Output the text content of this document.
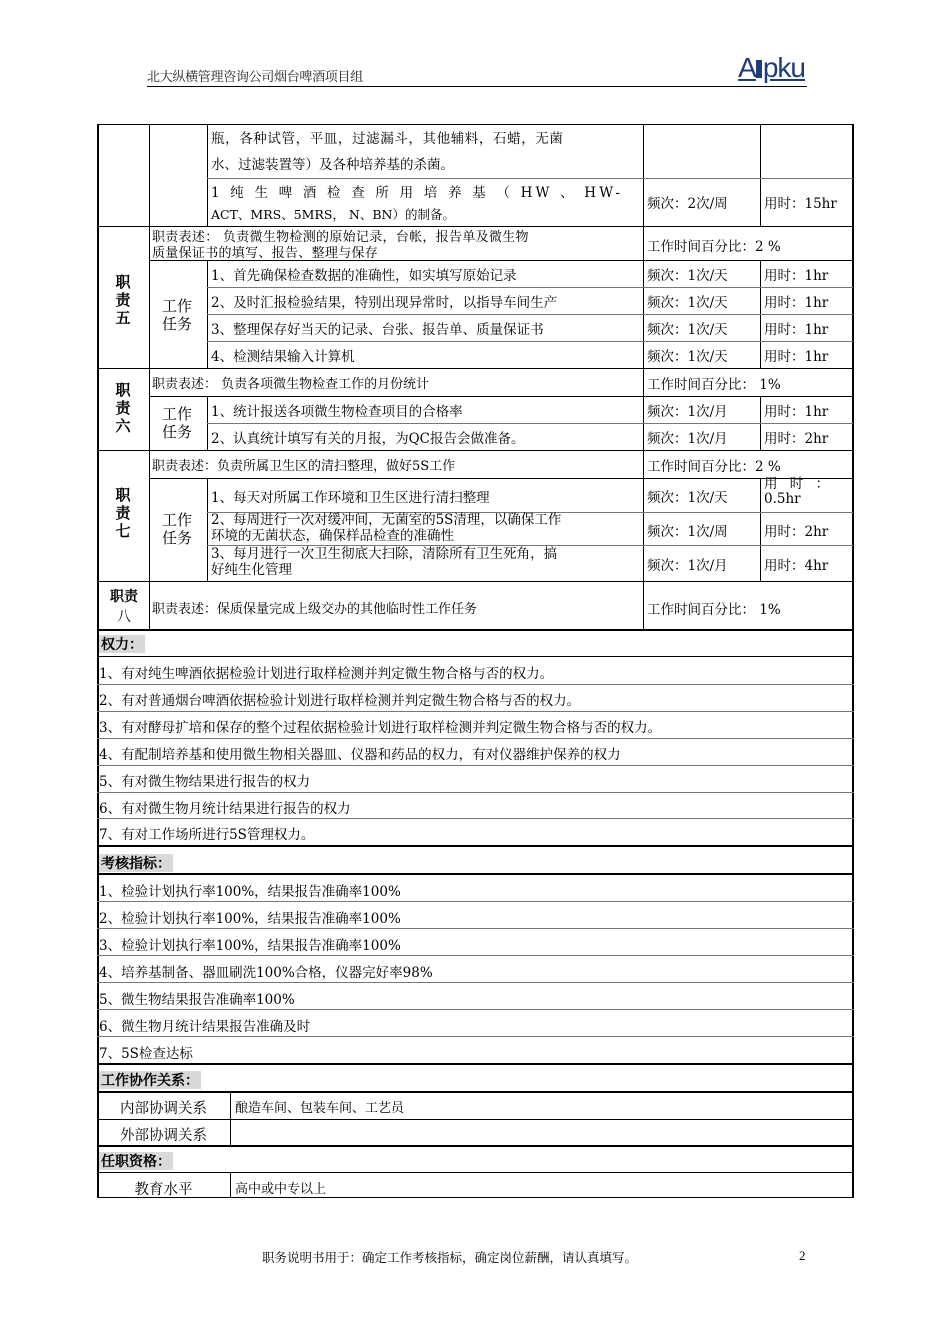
北大纵横管理咨询公司烟台啤酒项目组	A pku
瓶，各种试管，平皿，过滤漏斗，其他辅料，石蜡，无菌
水、过滤装置等）及各种培养基的杀菌。
1 纯 生 啤 酒 检 查 所 用 培 养 基 （ HW 、 HW-
ACT、MRS、5MRS， N、BN）的制备。
频次：2次/周	用时：15hr
职
责
五
职责表述： 负责微生物检测的原始记录，台帐，报告单及微生物
质量保证书的填写、报告、整理与保存	工作时间百分比：2 %
工作
任务
1、首先确保检查数据的准确性，如实填写原始记录	频次：1次/天	用时：1hr
2、及时汇报检验结果，特别出现异常时，以指导车间生产	频次：1次/天	用时：1hr
3、整理保存好当天的记录、台张、报告单、质量保证书	频次：1次/天	用时：1hr
4、检测结果输入计算机	频次：1次/天	用时：1hr
职
责
六
职责表述： 负责各项微生物检查工作的月份统计	工作时间百分比： 1%
工作
任务
1、统计报送各项微生物检查项目的合格率	频次：1次/月	用时：1hr
2、认真统计填写有关的月报，为QC报告会做准备。	频次：1次/月	用时：2hr
职
责
七
职责表述：负责所属卫生区的清扫整理，做好5S工作	工作时间百分比：2 %
工作
任务
1、每天对所属工作环境和卫生区进行清扫整理	频次：1次/天
用 时 ：
0.5hr
2、每周进行一次对缓冲间，无菌室的5S清理，以确保工作
环境的无菌状态，确保样品检查的准确性	频次：1次/周	用时：2hr
3、每月进行一次卫生彻底大扫除，清除所有卫生死角，搞
好纯生化管理	频次：1次/月	用时：4hr
职责
八	职责表述：保质保量完成上级交办的其他临时性工作任务	工作时间百分比： 1%
权力：
1、有对纯生啤酒依据检验计划进行取样检测并判定微生物合格与否的权力。
2、有对普通烟台啤酒依据检验计划进行取样检测并判定微生物合格与否的权力。
3、有对酵母扩培和保存的整个过程依据检验计划进行取样检测并判定微生物合格与否的权力。
4、有配制培养基和使用微生物相关器皿、仪器和药品的权力，有对仪器维护保养的权力
5、有对微生物结果进行报告的权力
6、有对微生物月统计结果进行报告的权力
7、有对工作场所进行5S管理权力。
考核指标：
1、检验计划执行率100%，结果报告准确率100%
2、检验计划执行率100%，结果报告准确率100%
3、检验计划执行率100%，结果报告准确率100%
4、培养基制备、器皿刷洗100%合格，仪器完好率98%
5、微生物结果报告准确率100%
6、微生物月统计结果报告准确及时
7、5S检查达标
工作协作关系：
内部协调关系	酿造车间、包装车间、工艺员
外部协调关系
任职资格：
教育水平	高中或中专以上
职务说明书用于：确定工作考核指标，确定岗位薪酬，请认真填写。	2
